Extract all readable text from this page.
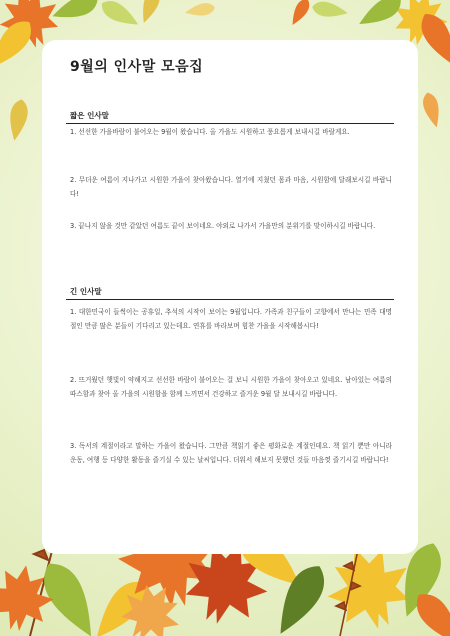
9월의 인사말 모음집
짧은 인사말
1. 선선한 가을바람이 불어오는 9월이 왔습니다. 올 가을도 시원하고 풍요롭게 보내시길 바랄게요.
2. 무더운 여름이 지나가고 시원한 가을이 찾아왔습니다. 열기에 지쳤던 몸과 마음, 시원함에 달래보시길 바랍니다!
3. 끝나지 않을 것만 같았던 여름도 끝이 보이네요. 야외로 나가서 가을만의 분위기를 맞이하시길 바랍니다.
긴 인사말
1. 대한민국이 들썩이는 공휴일, 추석의 시작이 보이는 9월입니다. 가족과 친구들이 고향에서 만나는 민족 대명절인 만큼 많은 분들이 기다리고 있는데요. 연휴를 바라보며 힘찬 가을을 시작해봅시다!
2. 뜨거웠던 햇빛이 약해지고 선선한 바람이 불어오는 걸 보니 시원한 가을이 찾아오고 있네요. 남아있는 여름의 따스함과 찾아 올 가을의 시원함을 함께 느끼면서 건강하고 즐거운 9월 달 보내시길 바랍니다.
3. 독서의 계절이라고 말하는 가을이 왔습니다. 그만큼 책읽기 좋은 평화로운 계절인데요. 책 읽기 뿐만 아니라 운동, 여행 등 다양한 활동을 즐기실 수 있는 날씨입니다. 더워서 해보지 못했던 것들 마음껏 즐기시길 바랍니다!
